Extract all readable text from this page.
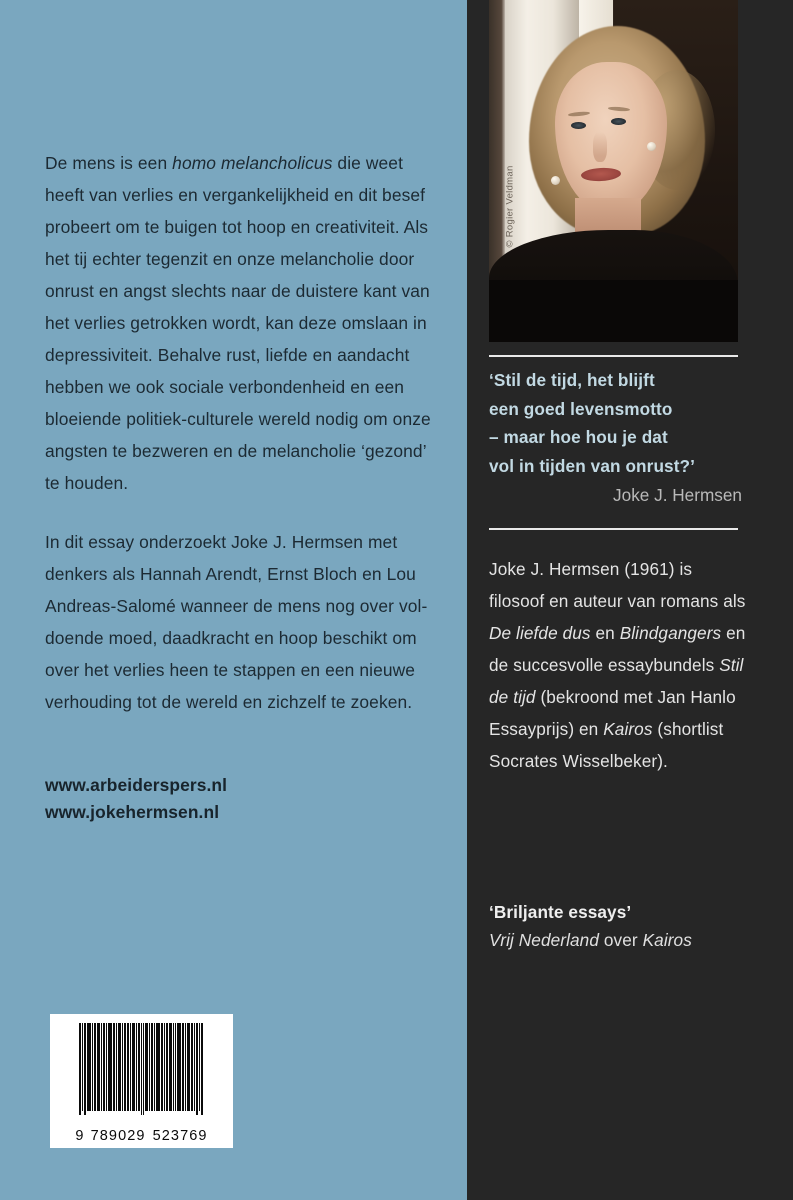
De mens is een homo melancholicus die weet heeft van verlies en vergankelijkheid en dit besef probeert om te buigen tot hoop en creativiteit. Als het tij echter tegenzit en onze melancholie door onrust en angst slechts naar de duistere kant van het verlies getrokken wordt, kan deze omslaan in depressiviteit. Behalve rust, liefde en aandacht hebben we ook sociale verbondenheid en een bloeiende politiek-culturele wereld nodig om onze angsten te bezweren en de melancholie ‘gezond’ te houden.

In dit essay onderzoekt Joke J. Hermsen met denkers als Hannah Arendt, Ernst Bloch en Lou Andreas-Salomé wanneer de mens nog over vol-doende moed, daadkracht en hoop beschikt om over het verlies heen te stappen en een nieuwe verhouding tot de wereld en zichzelf te zoeken.

www.arbeiderspers.nl
www.jokehermsen.nl
9 789029 523769
© Rogier Veldman
‘Stil de tijd, het blijft
een goed levensmotto
– maar hoe hou je dat
vol in tijden van onrust?’
Joke J. Hermsen

Joke J. Hermsen (1961) is filosoof en auteur van romans als De liefde dus en Blindgangers en de succesvolle essaybundels Stil de tijd (bekroond met Jan Hanlo Essayprijs) en Kairos (shortlist Socrates Wisselbeker).

‘Briljante essays’
Vrij Nederland over Kairos
